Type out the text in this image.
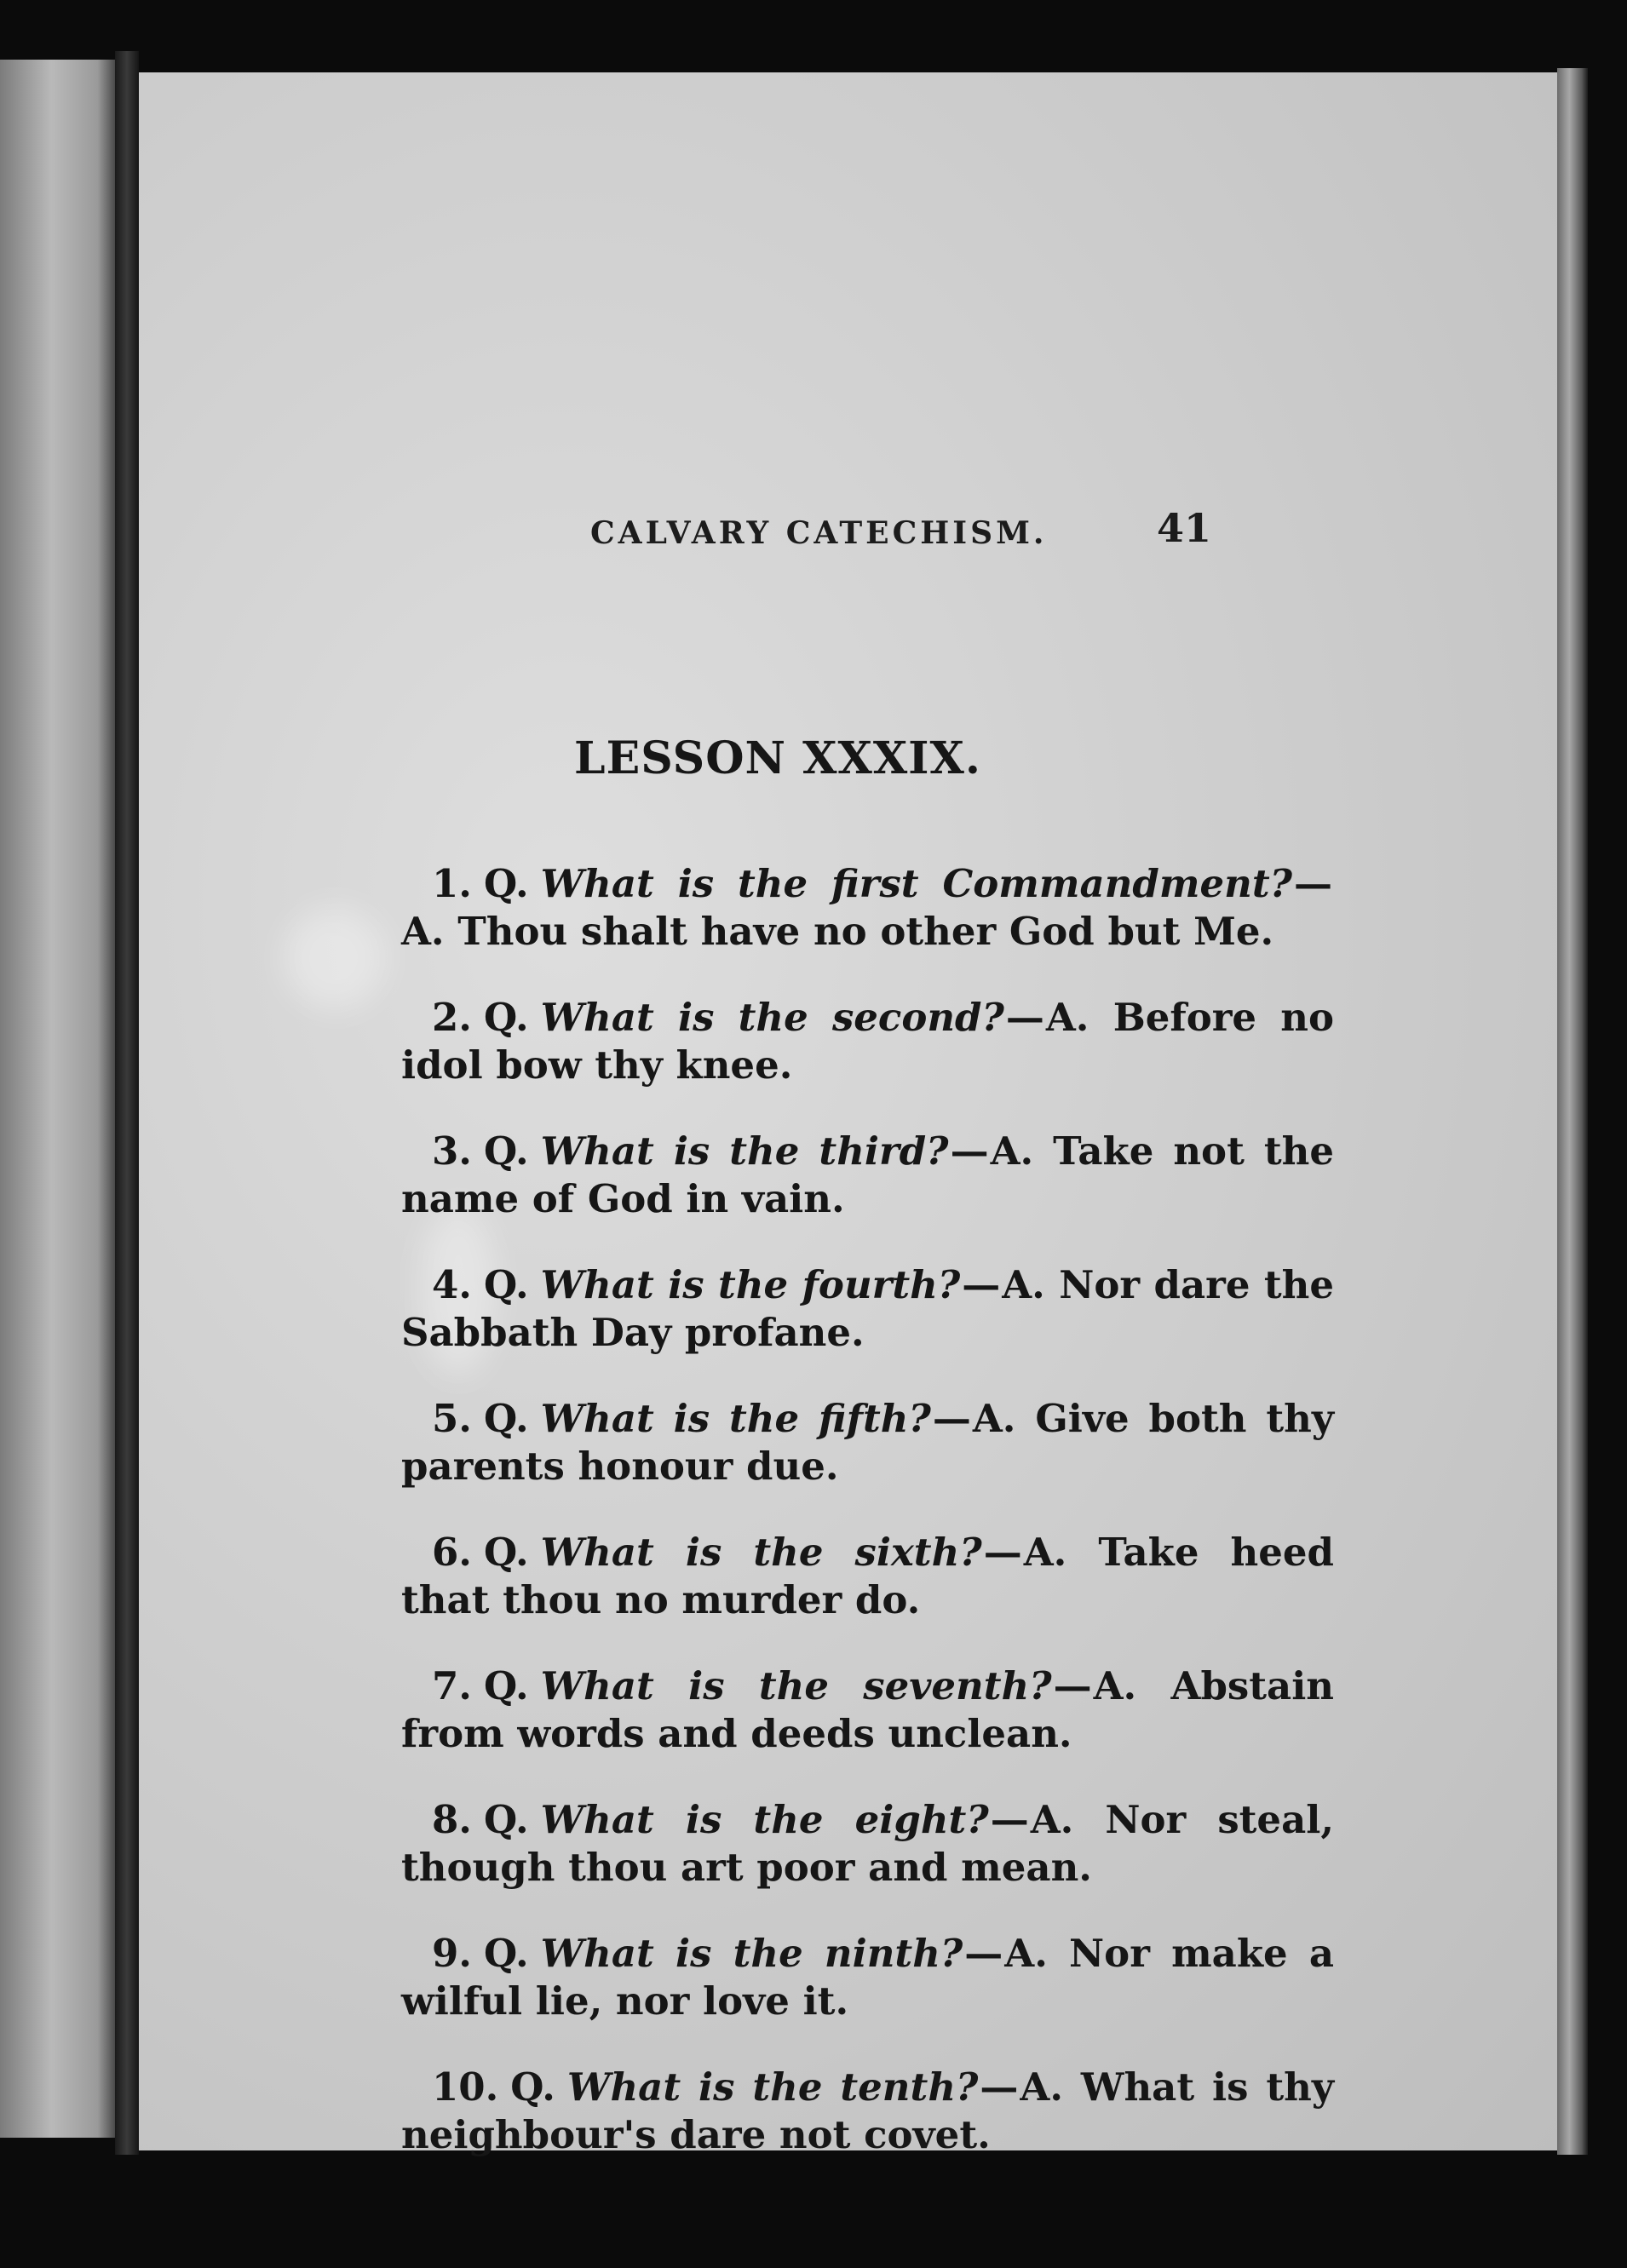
CALVARY CATECHISM.	41
LESSON XXXIX.

1. Q. What is the first Commandment?—A. Thou shalt have no other God but Me.

2. Q. What is the second?—A. Before no idol bow thy knee.

3. Q. What is the third?—A. Take not the name of God in vain.

4. Q. What is the fourth?—A. Nor dare the Sabbath Day profane.

5. Q. What is the fifth?—A. Give both thy parents honour due.

6. Q. What is the sixth?—A. Take heed that thou no murder do.

7. Q. What is the seventh?—A. Abstain from words and deeds unclean.

8. Q. What is the eight?—A. Nor steal, though thou art poor and mean.

9. Q. What is the ninth?—A. Nor make a wilful lie, nor love it.

10. Q. What is the tenth?—A. What is thy neighbour's dare not covet.
